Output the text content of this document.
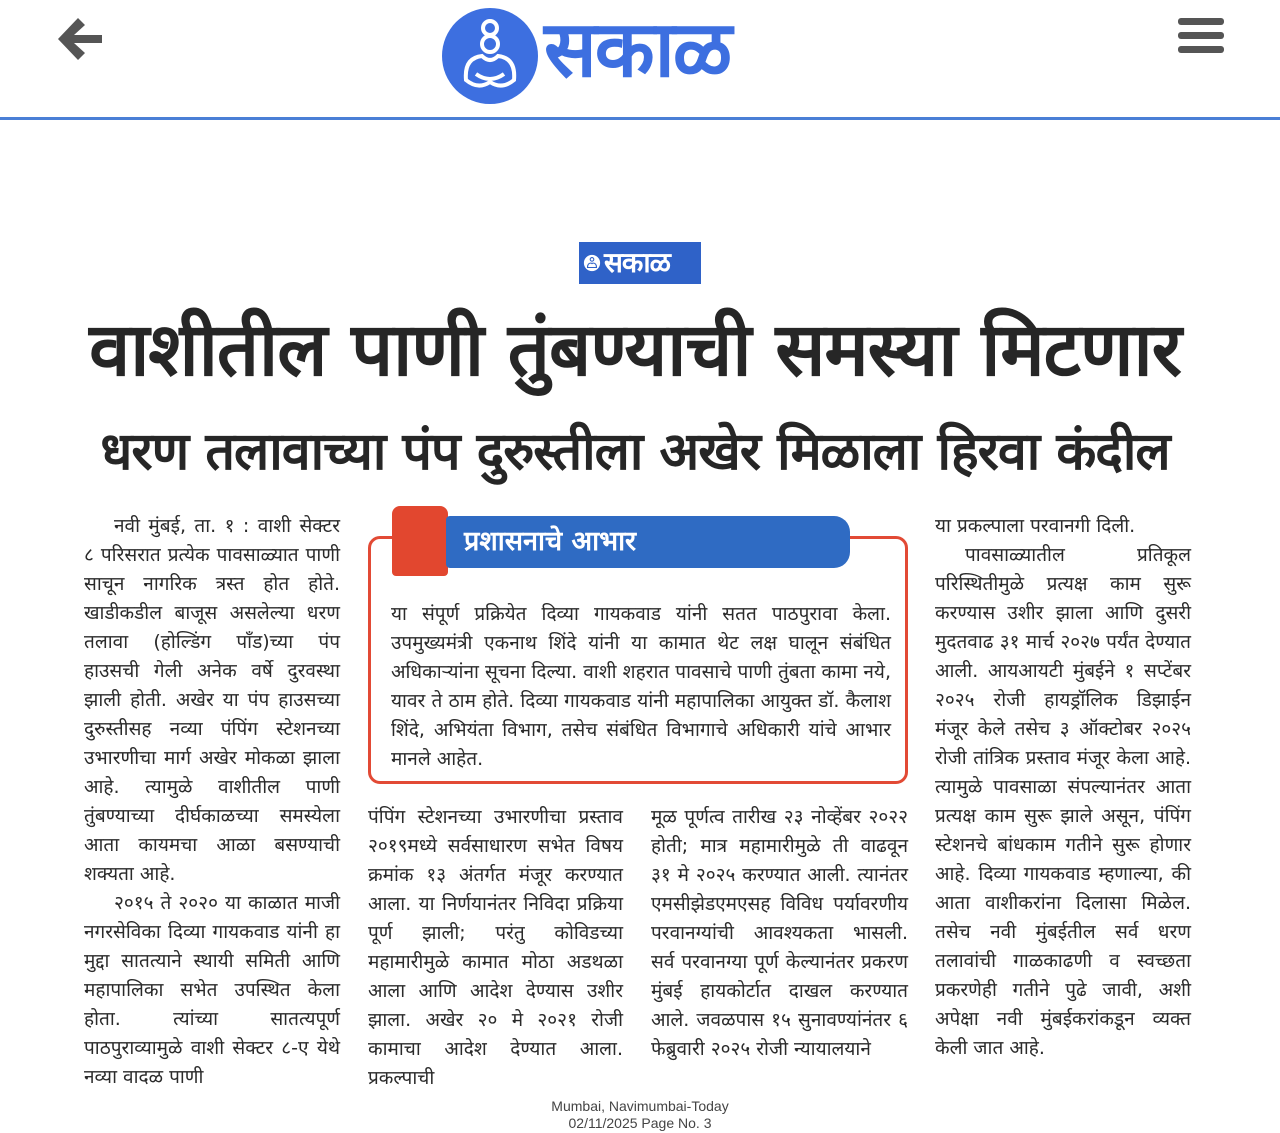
सकाळ
सकाळ
वाशीतील पाणी तुंबण्याची समस्या मिटणार
धरण तलावाच्या पंप दुरुस्तीला अखेर मिळाला हिरवा कंदील

नवी मुंबई, ता. १ : वाशी सेक्टर ८ परिसरात प्रत्येक पावसाळ्यात पाणी साचून नागरिक त्रस्त होत होते. खाडीकडील बाजूस असलेल्या धरण तलावा (होल्डिंग पाँड)च्या पंप हाउसची गेली अनेक वर्षे दुरवस्था झाली होती. अखेर या पंप हाउसच्या दुरुस्तीसह नव्या पंपिंग स्टेशनच्या उभारणीचा मार्ग अखेर मोकळा झाला आहे. त्यामुळे वाशीतील पाणी तुंबण्याच्या दीर्घकाळच्या समस्येला आता कायमचा आळा बसण्याची शक्यता आहे.

२०१५ ते २०२० या काळात माजी नगरसेविका दिव्या गायकवाड यांनी हा मुद्दा सातत्याने स्थायी समिती आणि महापालिका सभेत उपस्थित केला होता. त्यांच्या सातत्यपूर्ण पाठपुराव्यामुळे वाशी सेक्टर ८-ए येथे नव्या वादळ पाणी

प्रशासनाचे आभार
या संपूर्ण प्रक्रियेत दिव्या गायकवाड यांनी सतत पाठपुरावा केला. उपमुख्यमंत्री एकनाथ शिंदे यांनी या कामात थेट लक्ष घालून संबंधित अधिकाऱ्यांना सूचना दिल्या. वाशी शहरात पावसाचे पाणी तुंबता कामा नये, यावर ते ठाम होते. दिव्या गायकवाड यांनी महापालिका आयुक्त डॉ. कैलाश शिंदे, अभियंता विभाग, तसेच संबंधित विभागाचे अधिकारी यांचे आभार मानले आहेत.
पंपिंग स्टेशनच्या उभारणीचा प्रस्ताव २०१९मध्ये सर्वसाधारण सभेत विषय क्रमांक १३ अंतर्गत मंजूर करण्यात आला. या निर्णयानंतर निविदा प्रक्रिया पूर्ण झाली; परंतु कोविडच्या महामारीमुळे कामात मोठा अडथळा आला आणि आदेश देण्यास उशीर झाला. अखेर २० मे २०२१ रोजी कामाचा आदेश देण्यात आला. प्रकल्पाची
मूळ पूर्णत्व तारीख २३ नोव्हेंबर २०२२ होती; मात्र महामारीमुळे ती वाढवून ३१ मे २०२५ करण्यात आली. त्यानंतर एमसीझेडएमएसह विविध पर्यावरणीय परवानग्यांची आवश्यकता भासली. सर्व परवानग्या पूर्ण केल्यानंतर प्रकरण मुंबई हायकोर्टात दाखल करण्यात आले. जवळपास १५ सुनावण्यांनंतर ६ फेब्रुवारी २०२५ रोजी न्यायालयाने
या प्रकल्पाला परवानगी दिली.

पावसाळ्यातील प्रतिकूल परिस्थितीमुळे प्रत्यक्ष काम सुरू करण्यास उशीर झाला आणि दुसरी मुदतवाढ ३१ मार्च २०२७ पर्यंत देण्यात आली. आयआयटी मुंबईने १ सप्टेंबर २०२५ रोजी हायड्रॉलिक डिझाईन मंजूर केले तसेच ३ ऑक्टोबर २०२५ रोजी तांत्रिक प्रस्ताव मंजूर केला आहे. त्यामुळे पावसाळा संपल्यानंतर आता प्रत्यक्ष काम सुरू झाले असून, पंपिंग स्टेशनचे बांधकाम गतीने सुरू होणार आहे. दिव्या गायकवाड म्हणाल्या, की आता वाशीकरांना दिलासा मिळेल. तसेच नवी मुंबईतील सर्व धरण तलावांची गाळकाढणी व स्वच्छता प्रकरणेही गतीने पुढे जावी, अशी अपेक्षा नवी मुंबईकरांकडून व्यक्त केली जात आहे.

Mumbai, Navimumbai-Today
02/11/2025 Page No. 3
